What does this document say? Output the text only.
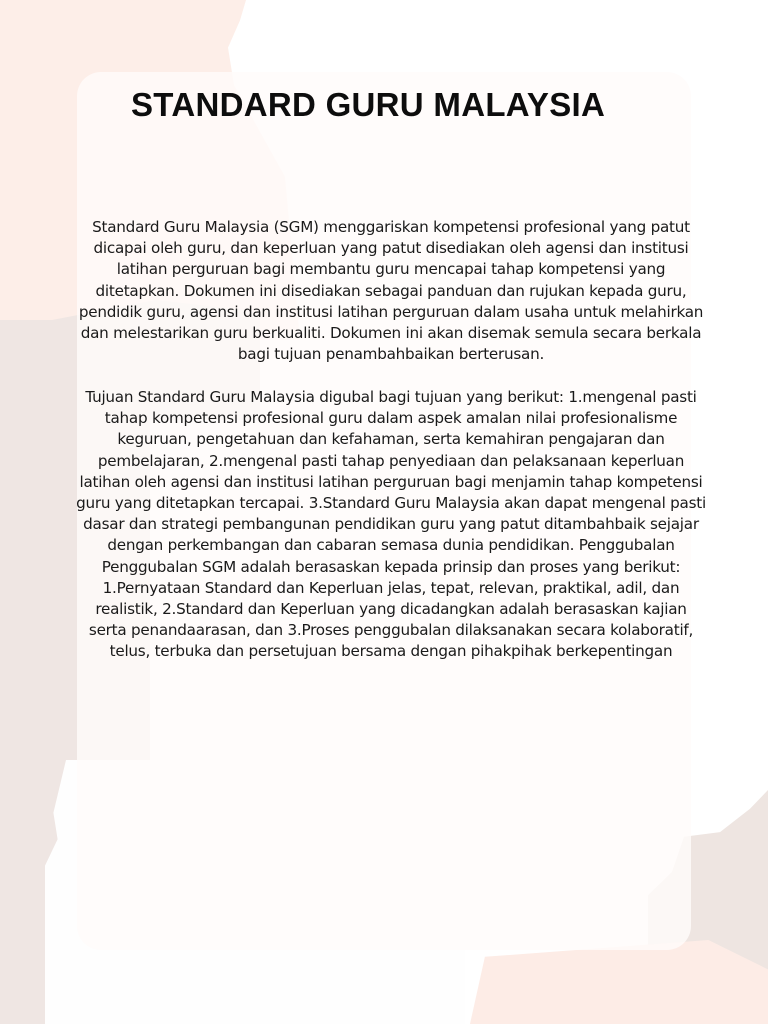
STANDARD GURU MALAYSIA

Standard Guru Malaysia (SGM) menggariskan kompetensi profesional yang patut dicapai oleh guru, dan keperluan yang patut disediakan oleh agensi dan institusi latihan perguruan bagi membantu guru mencapai tahap kompetensi yang ditetapkan. Dokumen ini disediakan sebagai panduan dan rujukan kepada guru, pendidik guru, agensi dan institusi latihan perguruan dalam usaha untuk melahirkan dan melestarikan guru berkualiti. Dokumen ini akan disemak semula secara berkala bagi tujuan penambahbaikan berterusan.

Tujuan Standard Guru Malaysia digubal bagi tujuan yang berikut: 1.mengenal pasti tahap kompetensi profesional guru dalam aspek amalan nilai profesionalisme keguruan, pengetahuan dan kefahaman, serta kemahiran pengajaran dan pembelajaran, 2.mengenal pasti tahap penyediaan dan pelaksanaan keperluan latihan oleh agensi dan institusi latihan perguruan bagi menjamin tahap kompetensi guru yang ditetapkan tercapai. 3.Standard Guru Malaysia akan dapat mengenal pasti dasar dan strategi pembangunan pendidikan guru yang patut ditambahbaik sejajar dengan perkembangan dan cabaran semasa dunia pendidikan. Penggubalan Penggubalan SGM adalah berasaskan kepada prinsip dan proses yang berikut: 1.Pernyataan Standard dan Keperluan jelas, tepat, relevan, praktikal, adil, dan realistik, 2.Standard dan Keperluan yang dicadangkan adalah berasaskan kajian serta penandaarasan, dan 3.Proses penggubalan dilaksanakan secara kolaboratif, telus, terbuka dan persetujuan bersama dengan pihakpihak berkepentingan
